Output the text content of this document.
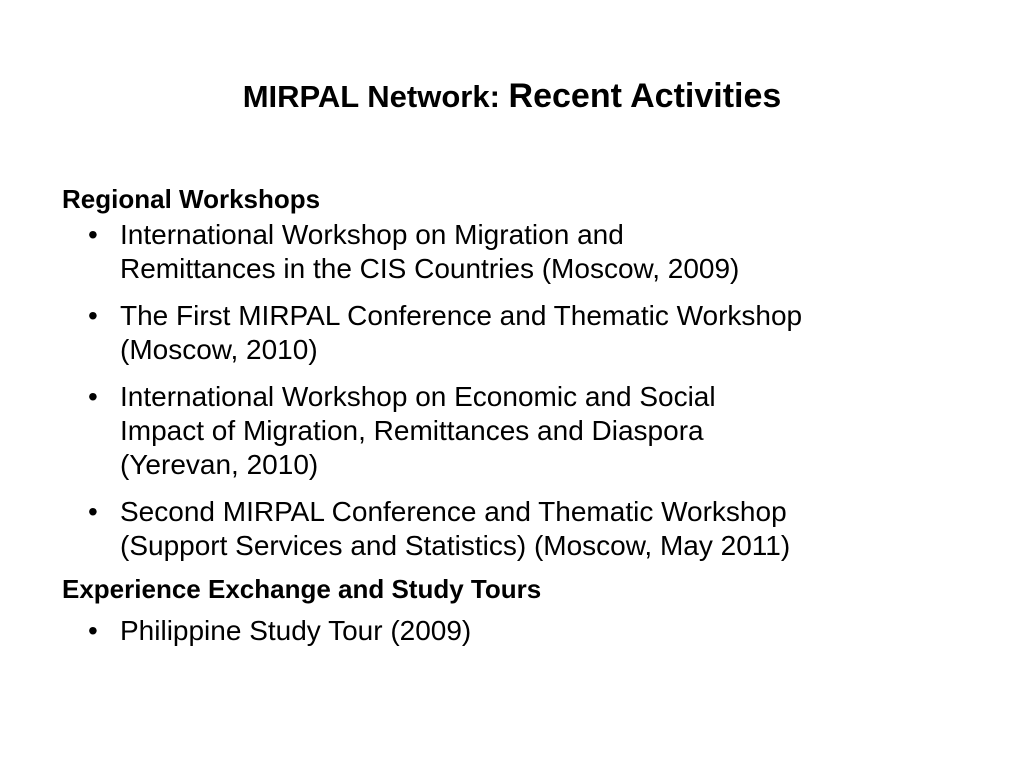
MIRPAL Network: Recent Activities

Regional Workshops

• International Workshop on Migration and
Remittances in the CIS Countries (Moscow, 2009)
• The First MIRPAL Conference and Thematic Workshop
(Moscow, 2010)
• International Workshop on Economic and Social
Impact of Migration, Remittances and Diaspora
(Yerevan, 2010)
• Second MIRPAL Conference and Thematic Workshop
(Support Services and Statistics) (Moscow, May 2011)

Experience Exchange and Study Tours

• Philippine Study Tour (2009)
